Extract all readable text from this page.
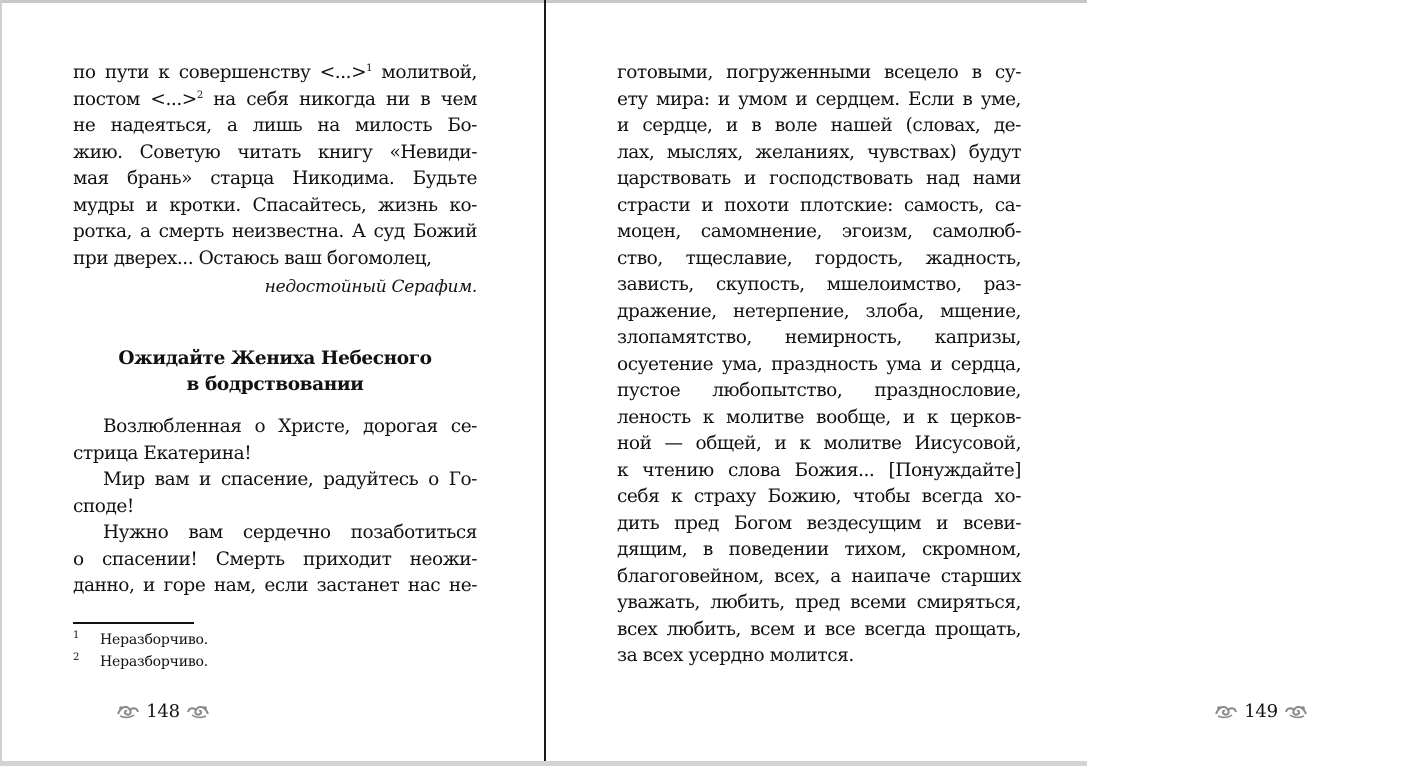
по пути к совершенству <...>$^1$ молитвой,
постом <...>$^2$ на себя никогда ни в чем
не надеяться, а лишь на милость Бо-
жию. Советую читать книгу «Невиди-
мая брань» старца Никодима. Будьте
мудры и кротки. Спасайтесь, жизнь ко-
ротка, а смерть неизвестна. А суд Божий
при дверех... Остаюсь ваш богомолец,
недостойный Серафим.
Ожидайте Жениха Небесного
в бодрствовании
Возлюбленная о Христе, дорогая се-
стрица Екатерина!
Мир вам и спасение, радуйтесь о Го-
споде!
Нужно вам сердечно позаботиться
о спасении! Смерть приходит неожи-
данно, и горе нам, если застанет нас не-
1 Неразборчиво.
2 Неразборчиво.
148
готовыми, погруженными всецело в су-
ету мира: и умом и сердцем. Если в уме,
и сердце, и в воле нашей (словах, де-
лах, мыслях, желаниях, чувствах) будут
царствовать и господствовать над нами
страсти и похоти плотские: самость, са-
моцен, самомнение, эгоизм, самолюб-
ство, тщеславие, гордость, жадность,
зависть, скупость, мшелоимство, раз-
дражение, нетерпение, злоба, мщение,
злопамятство, немирность, капризы,
осуетение ума, праздность ума и сердца,
пустое любопытство, празднословие,
леность к молитве вообще, и к церков-
ной — общей, и к молитве Иисусовой,
к чтению слова Божия... [Понуждайте]
себя к страху Божию, чтобы всегда хо-
дить пред Богом вездесущим и всеви-
дящим, в поведении тихом, скромном,
благоговейном, всех, а наипаче старших
уважать, любить, пред всеми смиряться,
всех любить, всем и все всегда прощать,
за всех усердно молится.
149
